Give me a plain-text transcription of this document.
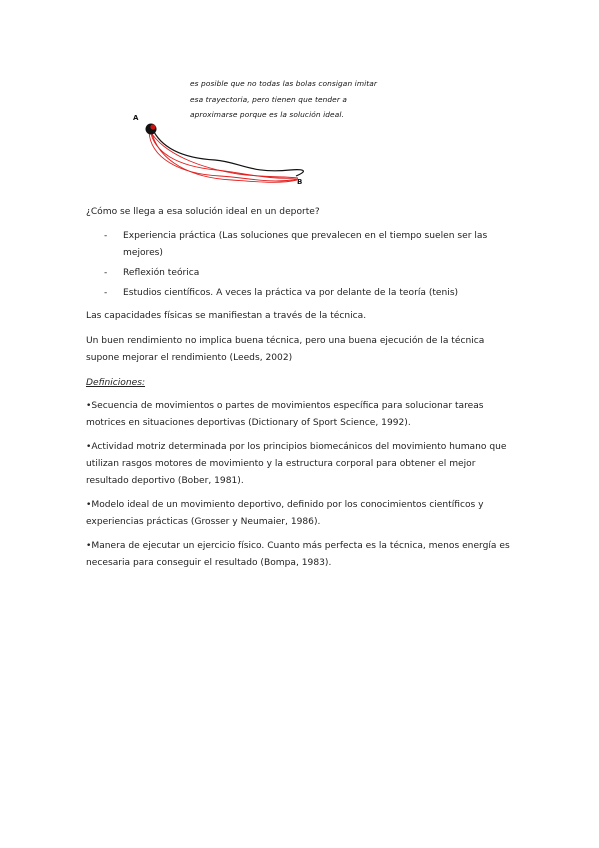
es posible que no todas las bolas consigan imitar esa trayectoria, pero tienen que tender a aproximarse porque es la solución ideal.
A
B

¿Cómo se llega a esa solución ideal en un deporte?

- Experiencia práctica (Las soluciones que prevalecen en el tiempo suelen ser las mejores)
- Reflexión teórica
- Estudios científicos. A veces la práctica va por delante de la teoría (tenis)

Las capacidades físicas se manifiestan a través de la técnica.

Un buen rendimiento no implica buena técnica, pero una buena ejecución de la técnica supone mejorar el rendimiento (Leeds, 2002)

Definiciones:

•Secuencia de movimientos o partes de movimientos específica para solucionar tareas motrices en situaciones deportivas (Dictionary of Sport Science, 1992).

•Actividad motriz determinada por los principios biomecánicos del movimiento humano que utilizan rasgos motores de movimiento y la estructura corporal para obtener el mejor resultado deportivo (Bober, 1981).

•Modelo ideal de un movimiento deportivo, definido por los conocimientos científicos y experiencias prácticas (Grosser y Neumaier, 1986).

•Manera de ejecutar un ejercicio físico. Cuanto más perfecta es la técnica, menos energía es necesaria para conseguir el resultado (Bompa, 1983).
